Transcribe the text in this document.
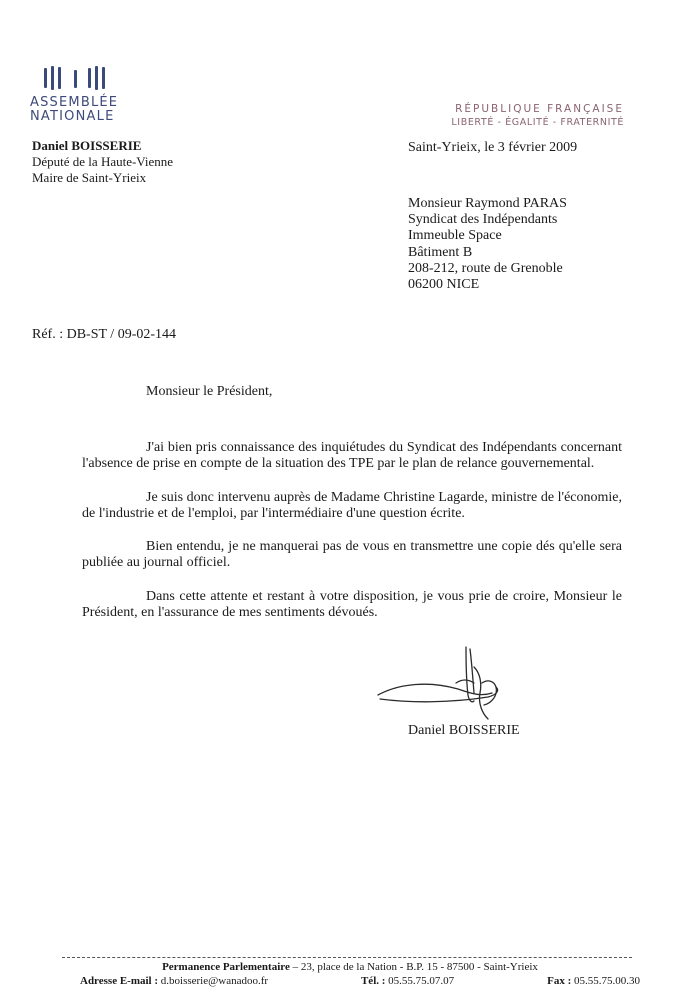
ASSEMBLÉE
NATIONALE	RÉPUBLIQUE FRANÇAISE
LIBERTÉ - ÉGALITÉ - FRATERNITÉ
Daniel BOISSERIE
Député de la Haute-Vienne
Maire de Saint-Yrieix
Saint-Yrieix, le 3 février 2009
Monsieur Raymond PARAS
Syndicat des Indépendants
Immeuble Space
Bâtiment B
208-212, route de Grenoble
06200 NICE
Réf. : DB-ST / 09-02-144
Monsieur le Président,

J'ai bien pris connaissance des inquiétudes du Syndicat des Indépendants concernant l'absence de prise en compte de la situation des TPE par le plan de relance gouvernemental.

Je suis donc intervenu auprès de Madame Christine Lagarde, ministre de l'économie, de l'industrie et de l'emploi, par l'intermédiaire d'une question écrite.

Bien entendu, je ne manquerai pas de vous en transmettre une copie dés qu'elle sera publiée au journal officiel.

Dans cette attente et restant à votre disposition, je vous prie de croire, Monsieur le Président, en l'assurance de mes sentiments dévoués.

Daniel BOISSERIE
Permanence Parlementaire – 23, place de la Nation - B.P. 15 - 87500 - Saint-Yrieix
Adresse E-mail : d.boisserie@wanadoo.fr	Tél. : 05.55.75.07.07	Fax : 05.55.75.00.30
